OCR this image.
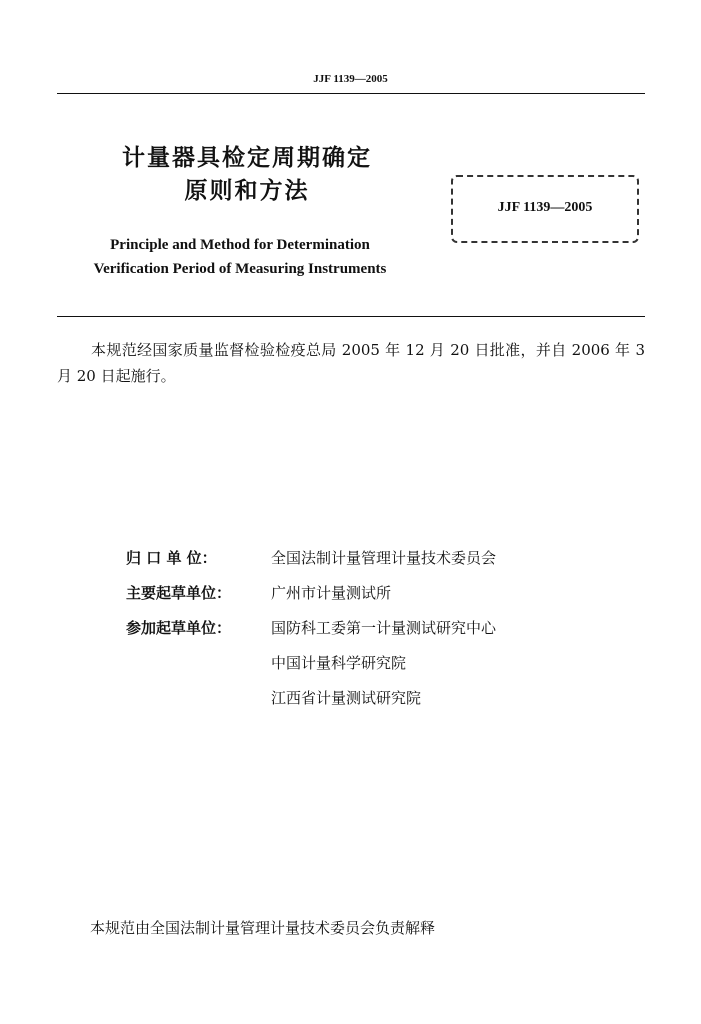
JJF 1139—2005
计量器具检定周期确定
原则和方法
Principle and Method for Determination
Verification Period of Measuring Instruments
JJF 1139—2005
本规范经国家质量监督检验检疫总局 2005 年 12 月 20 日批准，并自 2006 年 3 月 20 日起施行。
归 口 单 位：	全国法制计量管理计量技术委员会
主要起草单位：	广州市计量测试所
参加起草单位：	国防科工委第一计量测试研究中心
中国计量科学研究院
江西省计量测试研究院
本规范由全国法制计量管理计量技术委员会负责解释
